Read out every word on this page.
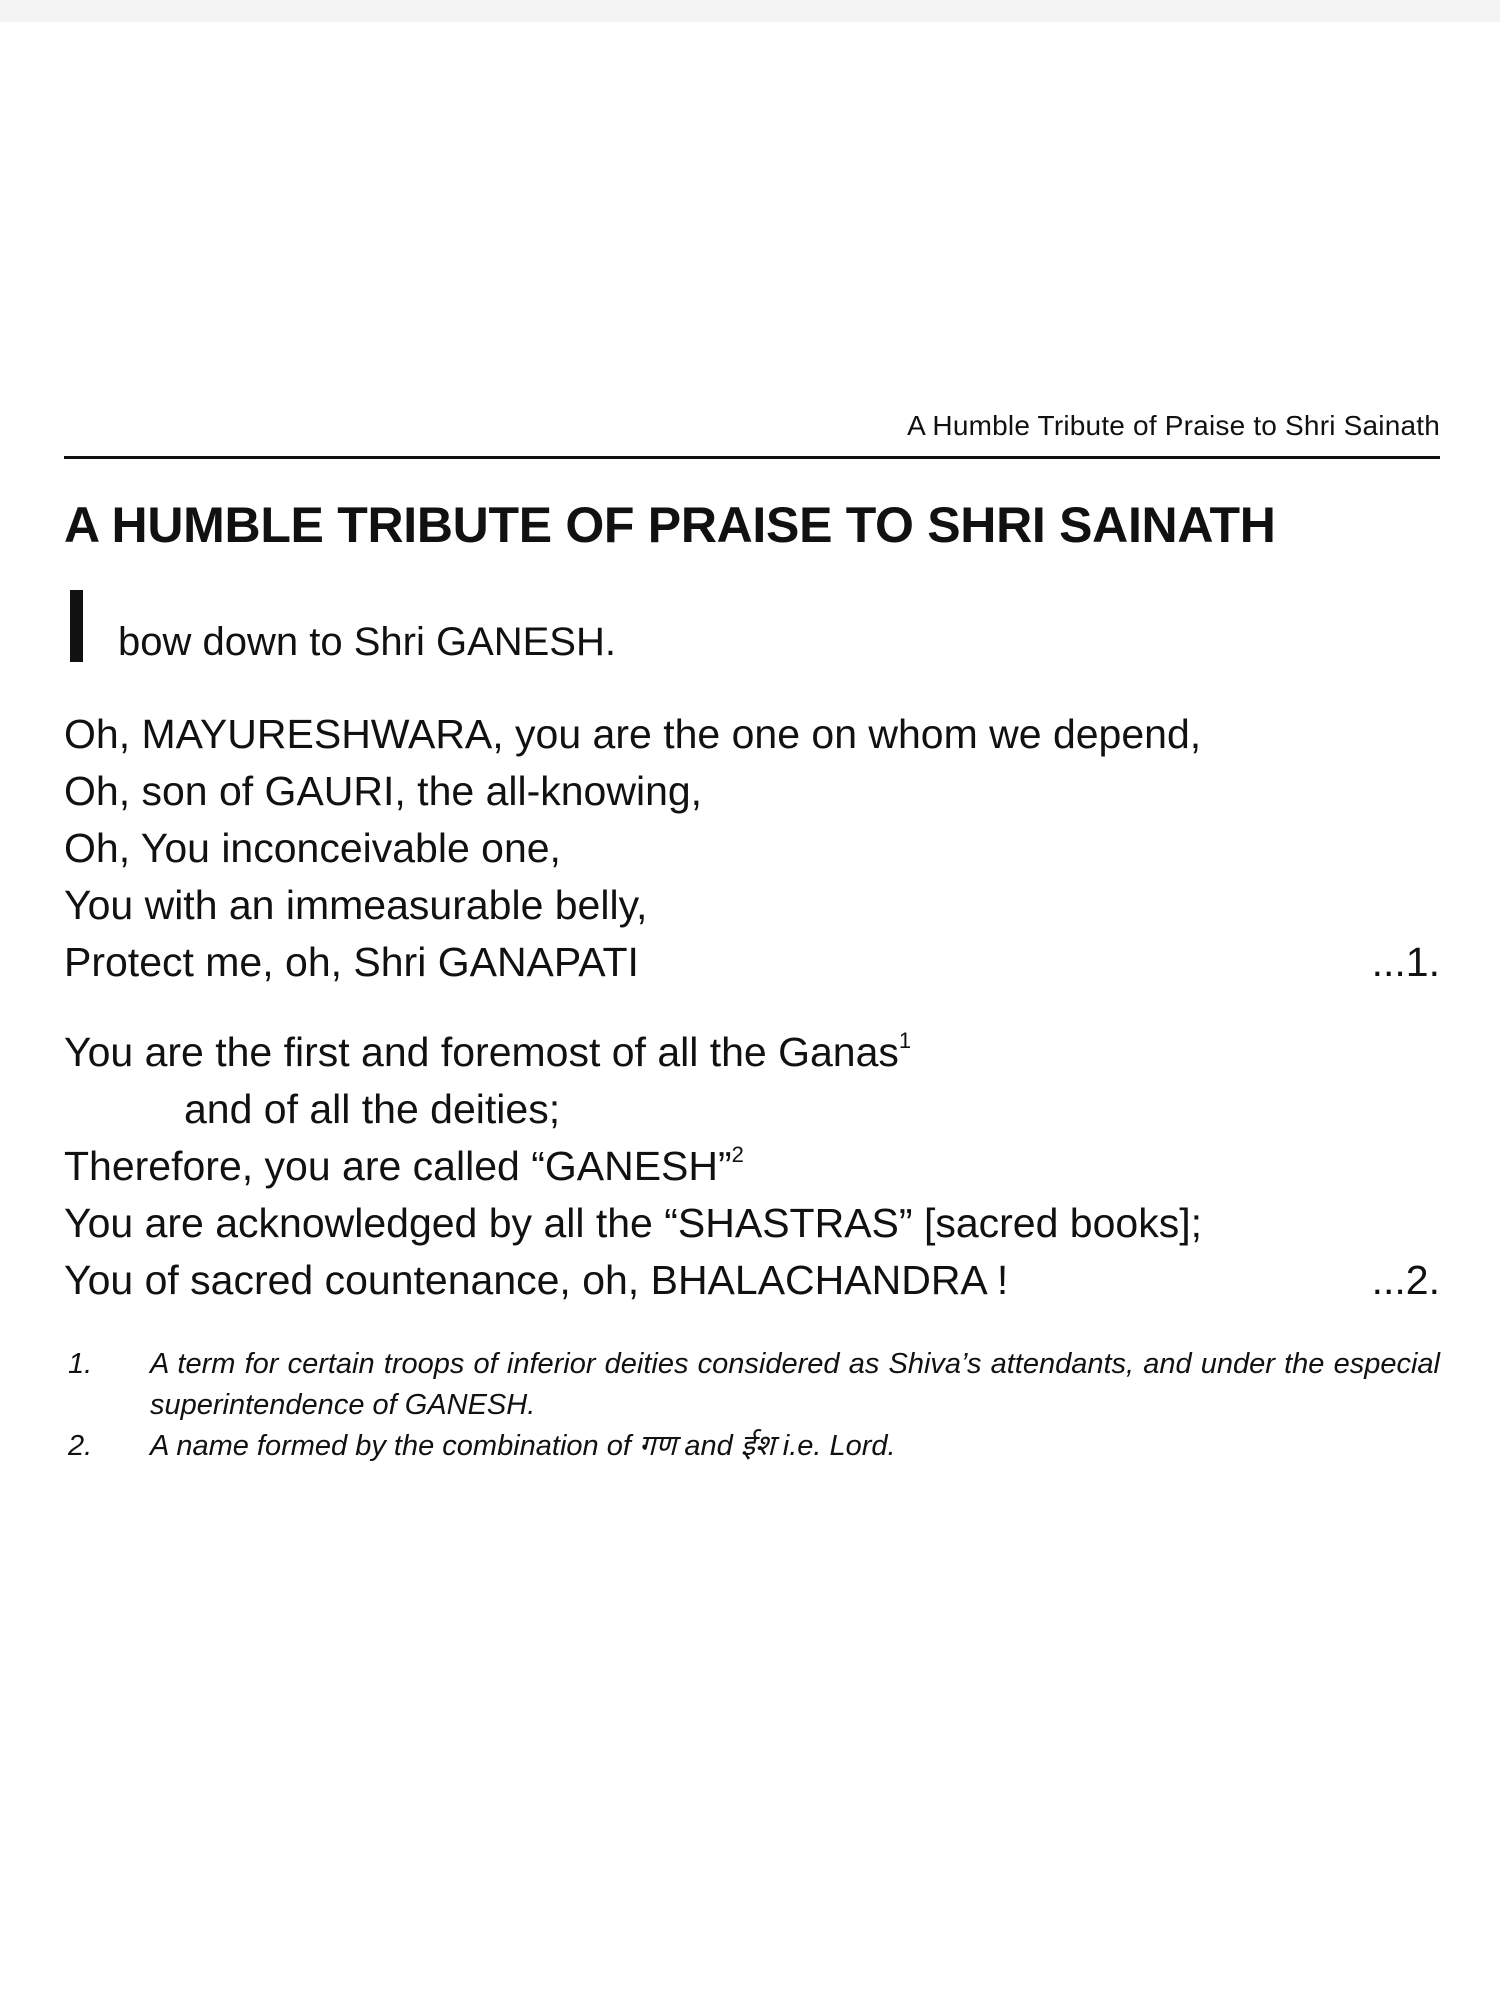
A Humble Tribute of Praise to Shri Sainath
A HUMBLE TRIBUTE OF PRAISE TO SHRI SAINATH
bow down to Shri GANESH.
Oh, MAYURESHWARA, you are the one on whom we depend,
Oh, son of GAURI, the all-knowing,
Oh, You inconceivable one,
You with an immeasurable belly,
Protect me, oh, Shri GANAPATI	...1.
You are the first and foremost of all the Ganas$^1$
and of all the deities;
Therefore, you are called “GANESH”$^2$
You are acknowledged by all the “SHASTRAS” [sacred books];
You of sacred countenance, oh, BHALACHANDRA !	...2.
1. A term for certain troops of inferior deities considered as Shiva’s attendants, and under the especial superintendence of GANESH.
2. A name formed by the combination of गण and ईश i.e. Lord.
